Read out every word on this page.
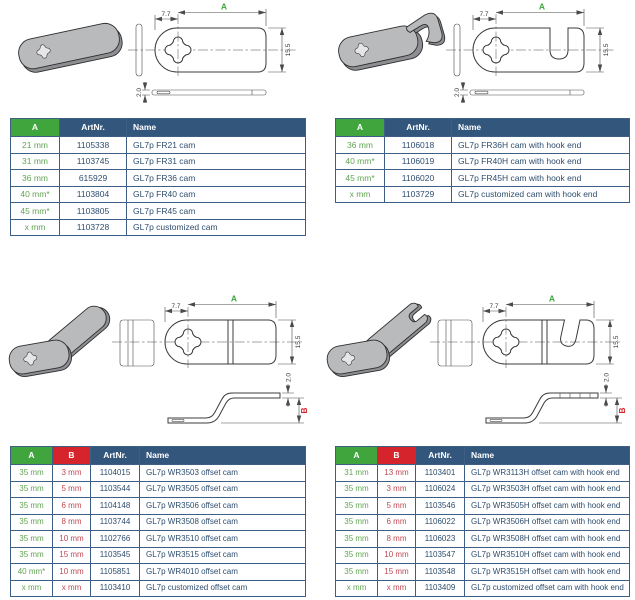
7.7
A
15.5
2.0
A	ArtNr.	Name
21 mm	1105338	GL7p FR21 cam
31 mm	1103745	GL7p FR31 cam
36 mm	615929	GL7p FR36 cam
40 mm*	1103804	GL7p FR40 cam
45 mm*	1103805	GL7p FR45 cam
x mm	1103728	GL7p customized cam
7.7
A
15.5
2.0
A	ArtNr.	Name
36 mm	1106018	GL7p FR36H cam with hook end
40 mm*	1106019	GL7p FR40H cam with hook end
45 mm*	1106020	GL7p FR45H cam with hook end
x mm	1103729	GL7p customized cam with hook end
7.7
A
15.5
2.0
B
A	B	ArtNr.	Name
35 mm	3 mm	1104015	GL7p WR3503 offset cam
35 mm	5 mm	1103544	GL7p WR3505 offset cam
35 mm	6 mm	1104148	GL7p WR3506 offset cam
35 mm	8 mm	1103744	GL7p WR3508 offset cam
35 mm	10 mm	1102766	GL7p WR3510 offset cam
35 mm	15 mm	1103545	GL7p WR3515 offset cam
40 mm*	10 mm	1105851	GL7p WR4010 offset cam
x mm	x mm	1103410	GL7p customized offset cam
7.7
A
15.5
2.0
B
A	B	ArtNr.	Name
31 mm	13 mm	1103401	GL7p WR3113H offset cam with hook end
35 mm	3 mm	1106024	GL7p WR3503H offset cam with hook end
35 mm	5 mm	1103546	GL7p WR3505H offset cam with hook end
35 mm	6 mm	1106022	GL7p WR3506H offset cam with hook end
35 mm	8 mm	1106023	GL7p WR3508H offset cam with hook end
35 mm	10 mm	1103547	GL7p WR3510H offset cam with hook end
35 mm	15 mm	1103548	GL7p WR3515H offset cam with hook end
x mm	x mm	1103409	GL7p customized offset cam with hook end
